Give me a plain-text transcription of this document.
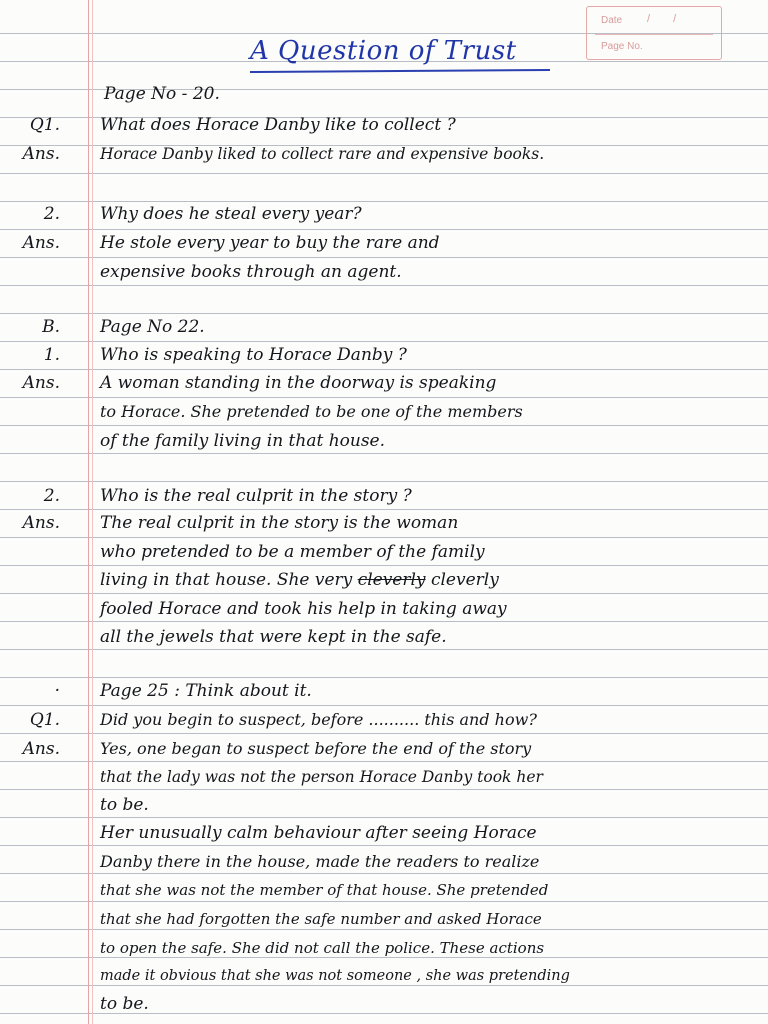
Date / /
Page No.
A Question of Trust
Page No - 20.
Q1. What does Horace Danby like to collect ?
Ans.	Horace Danby liked to collect rare and expensive books.
2. Why does he steal every year?
Ans. He stole every year to buy the rare and
expensive books through an agent.
B. Page No 22.
1. Who is speaking to Horace Danby ?
Ans. A woman standing in the doorway is speaking
to Horace. She pretended to be one of the members
of the family living in that house.
2. Who is the real culprit in the story ?
Ans. The real culprit in the story is the woman
who pretended to be a member of the family
living in that house. She very cleverly cleverly
fooled Horace and took his help in taking away
all the jewels that were kept in the safe.
· Page 25 : Think about it.
Q1.	Did you begin to suspect, before .......... this and how?
Ans.	Yes, one began to suspect before the end of the story
that the lady was not the person Horace Danby took her
to be.
Her unusually calm behaviour after seeing Horace
Danby there in the house, made the readers to realize
that she was not the member of that house. She pretended
that she had forgotten the safe number and asked Horace
to open the safe. She did not call the police. These actions
made it obvious that she was not someone , she was pretending
to be.
